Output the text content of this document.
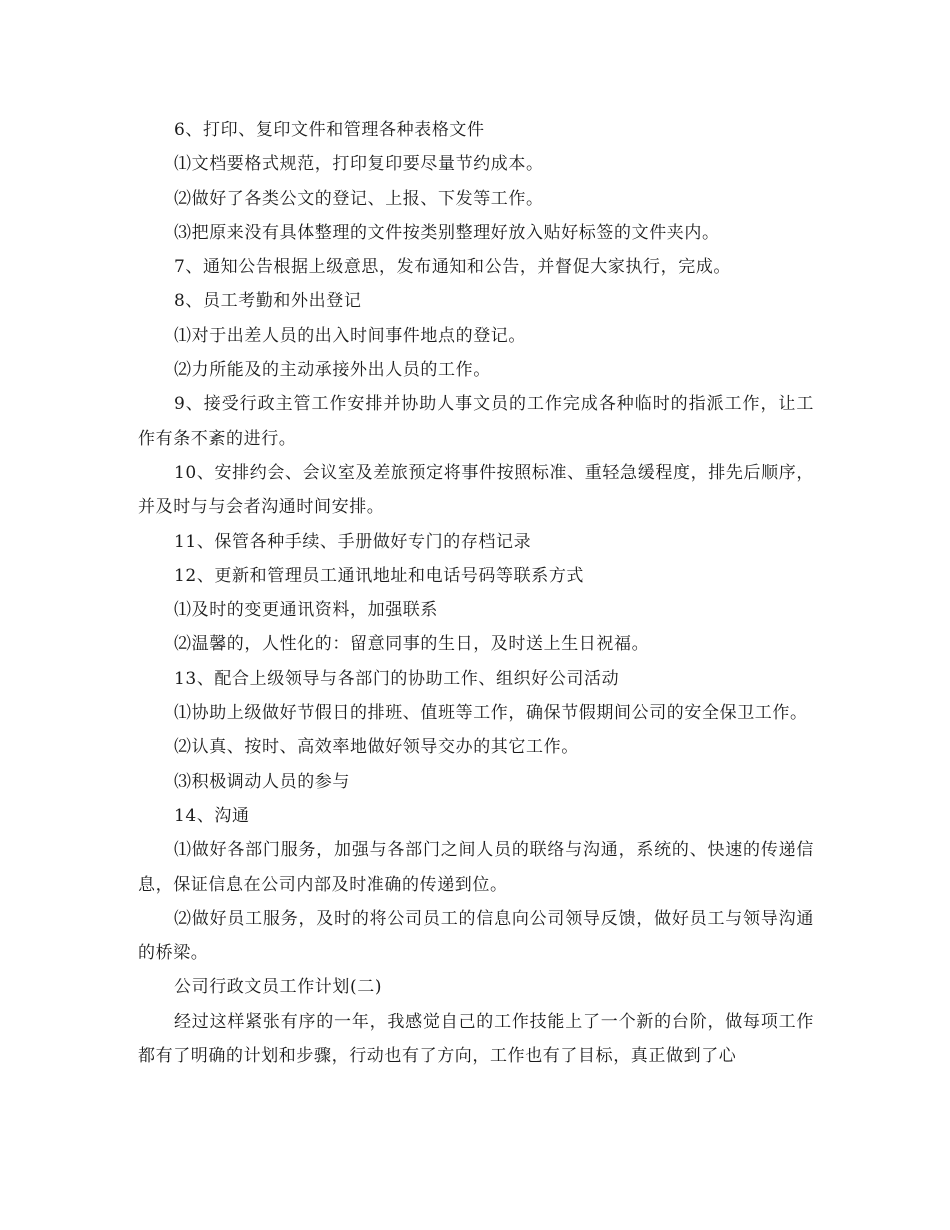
6、打印、复印文件和管理各种表格文件

⑴文档要格式规范，打印复印要尽量节约成本。

⑵做好了各类公文的登记、上报、下发等工作。

⑶把原来没有具体整理的文件按类别整理好放入贴好标签的文件夹内。

7、通知公告根据上级意思，发布通知和公告，并督促大家执行，完成。

8、员工考勤和外出登记

⑴对于出差人员的出入时间事件地点的登记。

⑵力所能及的主动承接外出人员的工作。

9、接受行政主管工作安排并协助人事文员的工作完成各种临时的指派工作，让工作有条不紊的进行。

10、安排约会、会议室及差旅预定将事件按照标准、重轻急缓程度，排先后顺序，并及时与与会者沟通时间安排。

11、保管各种手续、手册做好专门的存档记录

12、更新和管理员工通讯地址和电话号码等联系方式

⑴及时的变更通讯资料，加强联系

⑵温馨的，人性化的：留意同事的生日，及时送上生日祝福。

13、配合上级领导与各部门的协助工作、组织好公司活动

⑴协助上级做好节假日的排班、值班等工作，确保节假期间公司的安全保卫工作。

⑵认真、按时、高效率地做好领导交办的其它工作。

⑶积极调动人员的参与

14、沟通

⑴做好各部门服务，加强与各部门之间人员的联络与沟通，系统的、快速的传递信息，保证信息在公司内部及时准确的传递到位。

⑵做好员工服务，及时的将公司员工的信息向公司领导反馈，做好员工与领导沟通的桥梁。

公司行政文员工作计划(二)

经过这样紧张有序的一年，我感觉自己的工作技能上了一个新的台阶，做每项工作都有了明确的计划和步骤，行动也有了方向，工作也有了目标，真正做到了心
